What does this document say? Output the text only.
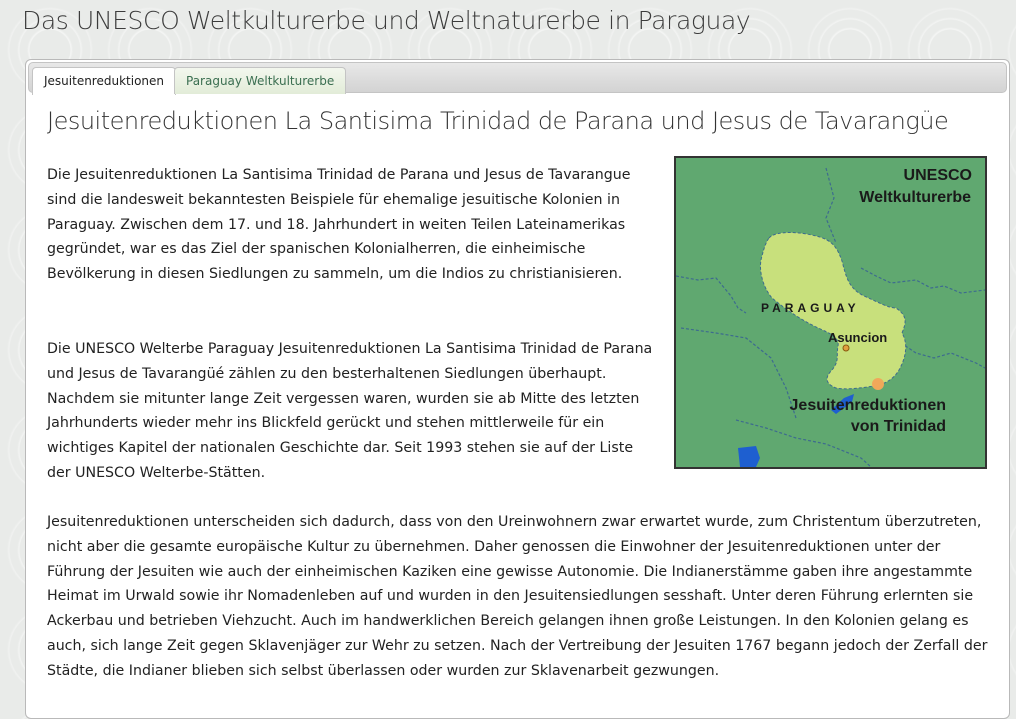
Das UNESCO Weltkulturerbe und Weltnaturerbe in Paraguay
Jesuitenreduktionen	Paraguay Weltkulturerbe
Jesuitenreduktionen La Santisima Trinidad de Parana und Jesus de Tavarangüe

Die Jesuitenreduktionen La Santisima Trinidad de Parana und Jesus de Tavarangue sind die landesweit bekanntesten Beispiele für ehemalige jesuitische Kolonien in Paraguay. Zwischen dem 17. und 18. Jahrhundert in weiten Teilen Lateinamerikas gegründet, war es das Ziel der spanischen Kolonialherren, die einheimische Bevölkerung in diesen Siedlungen zu sammeln, um die Indios zu christianisieren.

UNESCO
Weltkulturerbe
PARAGUAY
Asuncion
Jesuitenreduktionen
von Trinidad

Die UNESCO Welterbe Paraguay Jesuitenreduktionen La Santisima Trinidad de Parana und Jesus de Tavarangüé zählen zu den besterhaltenen Siedlungen überhaupt. Nachdem sie mitunter lange Zeit vergessen waren, wurden sie ab Mitte des letzten Jahrhunderts wieder mehr ins Blickfeld gerückt und stehen mittlerweile für ein wichtiges Kapitel der nationalen Geschichte dar. Seit 1993 stehen sie auf der Liste der UNESCO Welterbe-Stätten.

Jesuitenreduktionen unterscheiden sich dadurch, dass von den Ureinwohnern zwar erwartet wurde, zum Christentum überzutreten, nicht aber die gesamte europäische Kultur zu übernehmen. Daher genossen die Einwohner der Jesuitenreduktionen unter der Führung der Jesuiten wie auch der einheimischen Kaziken eine gewisse Autonomie. Die Indianerstämme gaben ihre angestammte Heimat im Urwald sowie ihr Nomadenleben auf und wurden in den Jesuitensiedlungen sesshaft. Unter deren Führung erlernten sie Ackerbau und betrieben Viehzucht. Auch im handwerklichen Bereich gelangen ihnen große Leistungen. In den Kolonien gelang es auch, sich lange Zeit gegen Sklavenjäger zur Wehr zu setzen. Nach der Vertreibung der Jesuiten 1767 begann jedoch der Zerfall der Städte, die Indianer blieben sich selbst überlassen oder wurden zur Sklavenarbeit gezwungen.
